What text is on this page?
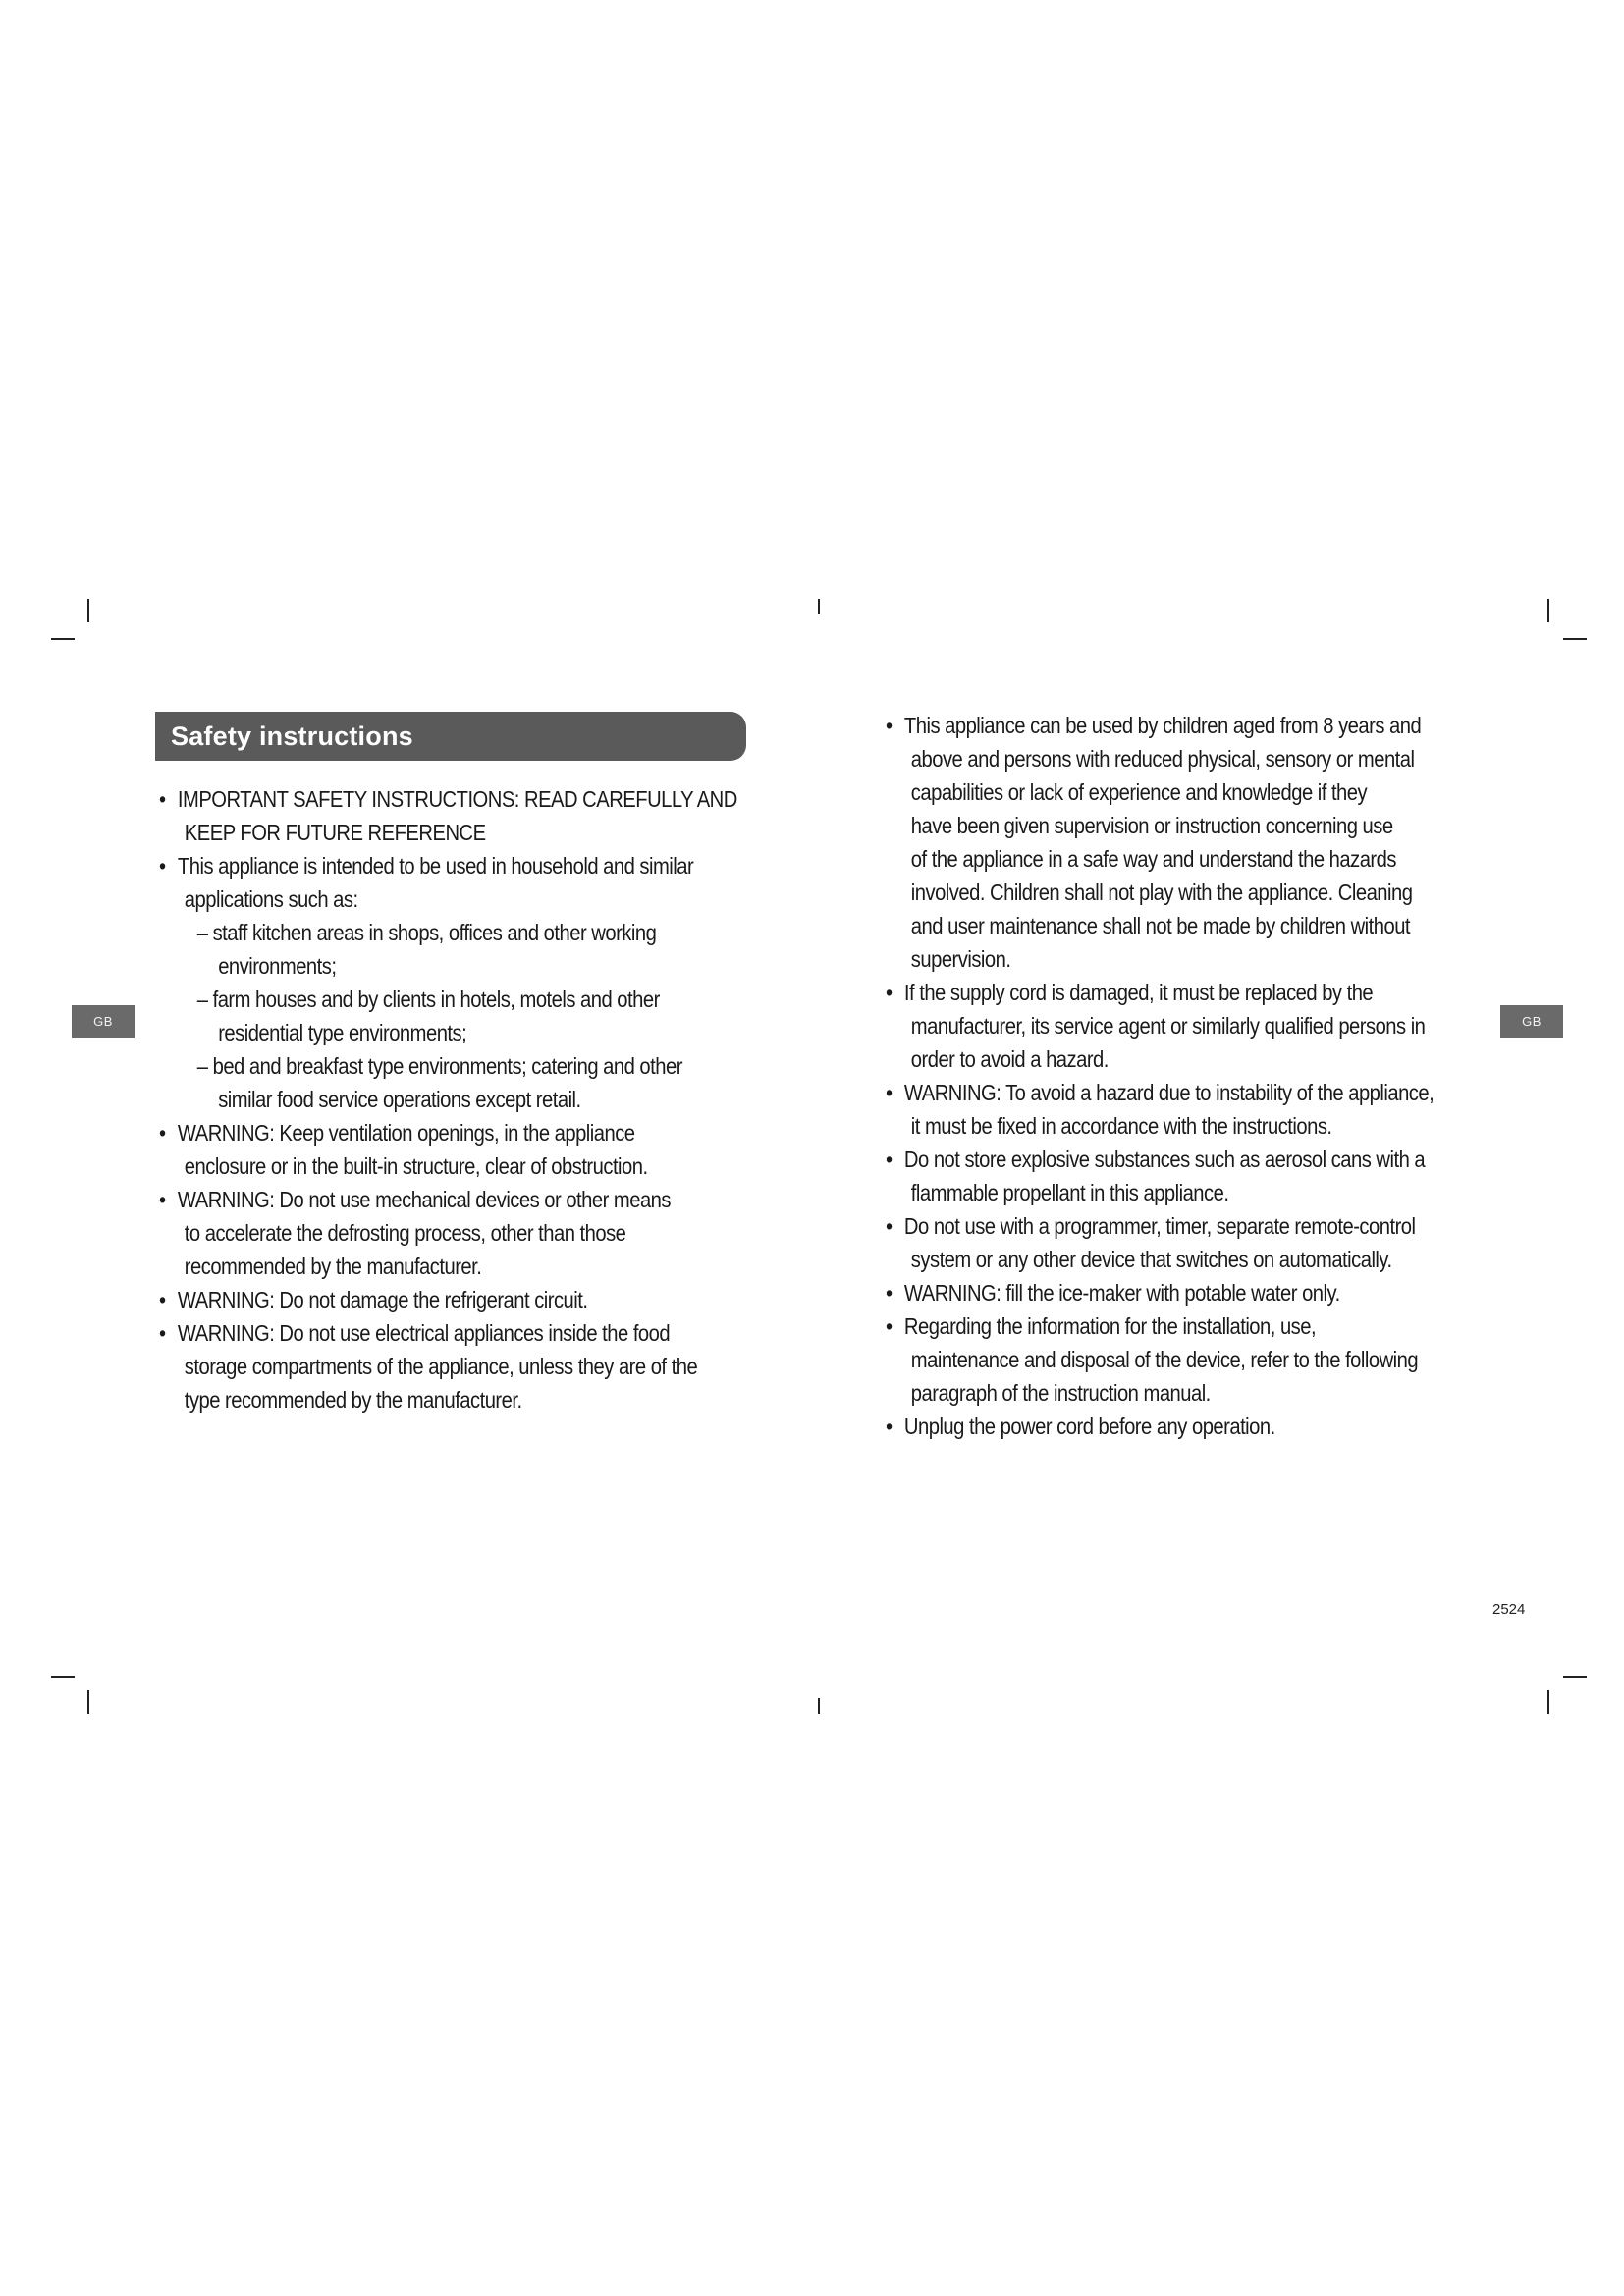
GB	GB
Safety instructions
• IMPORTANT SAFETY INSTRUCTIONS: READ CAREFULLY AND
KEEP FOR FUTURE REFERENCE
• This appliance is intended to be used in household and similar
applications such as:
– staff kitchen areas in shops, offices and other working
environments;
– farm houses and by clients in hotels, motels and other
residential type environments;
– bed and breakfast type environments; catering and other
similar food service operations except retail.
• WARNING: Keep ventilation openings, in the appliance
enclosure or in the built-in structure, clear of obstruction.
• WARNING: Do not use mechanical devices or other means
to accelerate the defrosting process, other than those
recommended by the manufacturer.
• WARNING: Do not damage the refrigerant circuit.
• WARNING: Do not use electrical appliances inside the food
storage compartments of the appliance, unless they are of the
type recommended by the manufacturer.
• This appliance can be used by children aged from 8 years and
above and persons with reduced physical, sensory or mental
capabilities or lack of experience and knowledge if they
have been given supervision or instruction concerning use
of the appliance in a safe way and understand the hazards
involved. Children shall not play with the appliance. Cleaning
and user maintenance shall not be made by children without
supervision.
• If the supply cord is damaged, it must be replaced by the
manufacturer, its service agent or similarly qualified persons in
order to avoid a hazard.
• WARNING: To avoid a hazard due to instability of the appliance,
it must be fixed in accordance with the instructions.
• Do not store explosive substances such as aerosol cans with a
flammable propellant in this appliance.
• Do not use with a programmer, timer, separate remote-control
system or any other device that switches on automatically.
• WARNING: fill the ice-maker with potable water only.
• Regarding the information for the installation, use,
maintenance and disposal of the device, refer to the following
paragraph of the instruction manual.
• Unplug the power cord before any operation.
2524
